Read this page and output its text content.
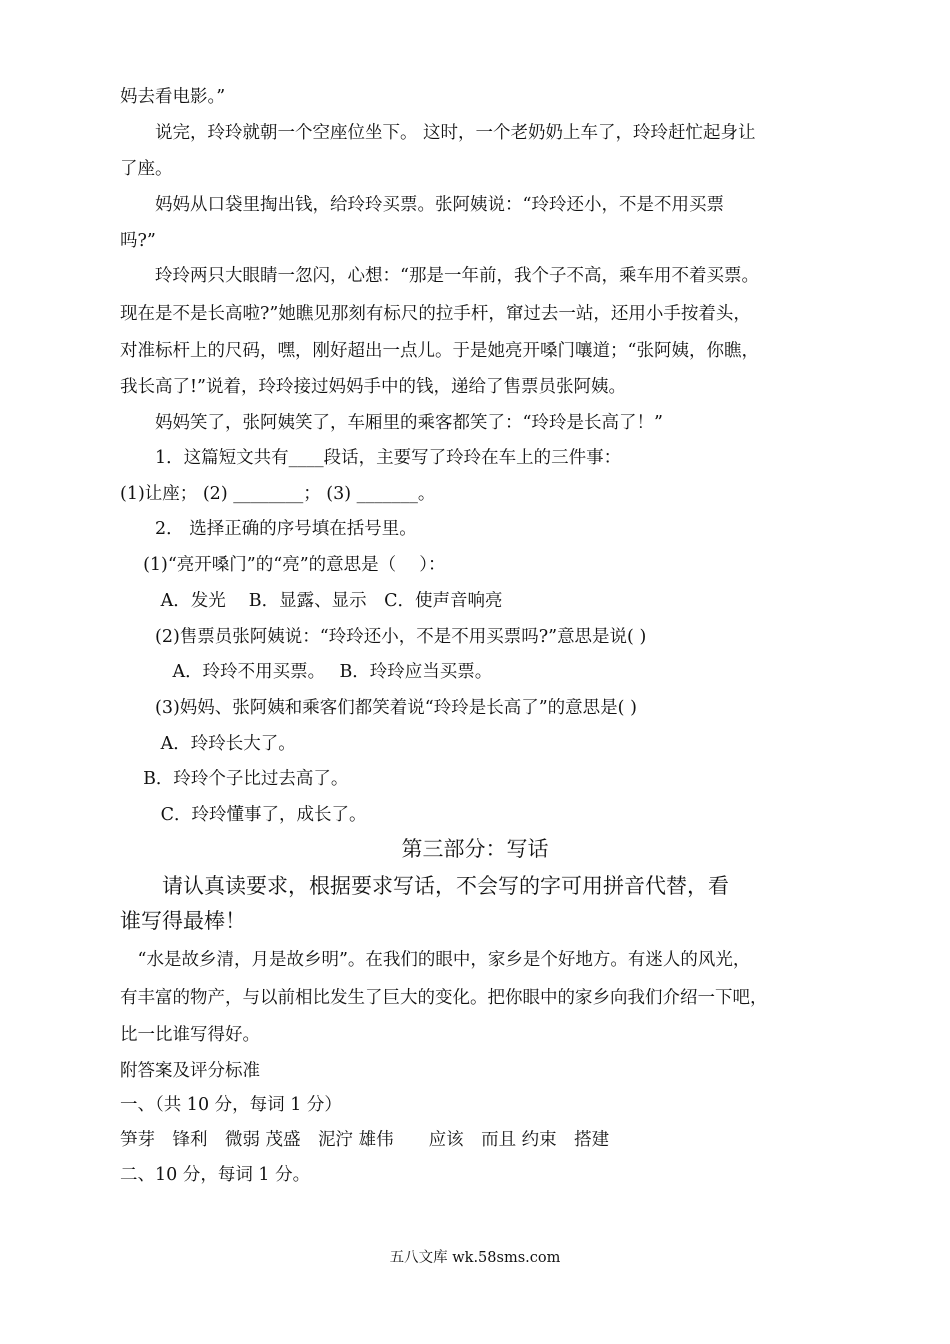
妈去看电影。”
　　说完，玲玲就朝一个空座位坐下。 这时，一个老奶奶上车了，玲玲赶忙起身让
了座。
　　妈妈从口袋里掏出钱，给玲玲买票。张阿姨说：“玲玲还小，不是不用买票
吗?”
　　玲玲两只大眼睛一忽闪，心想：“那是一年前，我个子不高，乘车用不着买票。
现在是不是长高啦?”她瞧见那刻有标尺的拉手杆，窜过去一站，还用小手按着头，
对准标杆上的尺码，嘿，刚好超出一点儿。于是她亮开嗓门嚷道；“张阿姨，你瞧，
我长高了!”说着，玲玲接过妈妈手中的钱，递给了售票员张阿姨。
　　妈妈笑了，张阿姨笑了，车厢里的乘客都笑了：“玲玲是长高了！”
　　1．这篇短文共有____段话，主要写了玲玲在车上的三件事：
(1)让座； (2) ________； (3) _______。
　　2． 选择正确的序号填在括号里。
　 (1)“亮开嗓门”的“亮”的意思是（　 ）：
　　 A．发光　 B．显露、显示　C．使声音响亮
　　(2)售票员张阿姨说：“玲玲还小，不是不用买票吗?”意思是说( )
　　　A．玲玲不用买票。　 B．玲玲应当买票。
　　(3)妈妈、张阿姨和乘客们都笑着说“玲玲是长高了”的意思是( )
　　 A．玲玲长大了。
　 B．玲玲个子比过去高了。
　　 C．玲玲懂事了，成长了。
第三部分：写话
　　请认真读要求，根据要求写话，不会写的字可用拼音代替，看
谁写得最棒！
　“水是故乡清，月是故乡明”。在我们的眼中，家乡是个好地方。有迷人的风光，
有丰富的物产，与以前相比发生了巨大的变化。把你眼中的家乡向我们介绍一下吧，
比一比谁写得好。
附答案及评分标准
一、（共 10 分，每词 1 分）
笋芽　锋利　微弱 茂盛　泥泞 雄伟　　应该　而且 约束　搭建
二、10 分，每词 1 分。
五八文库 wk.58sms.com
